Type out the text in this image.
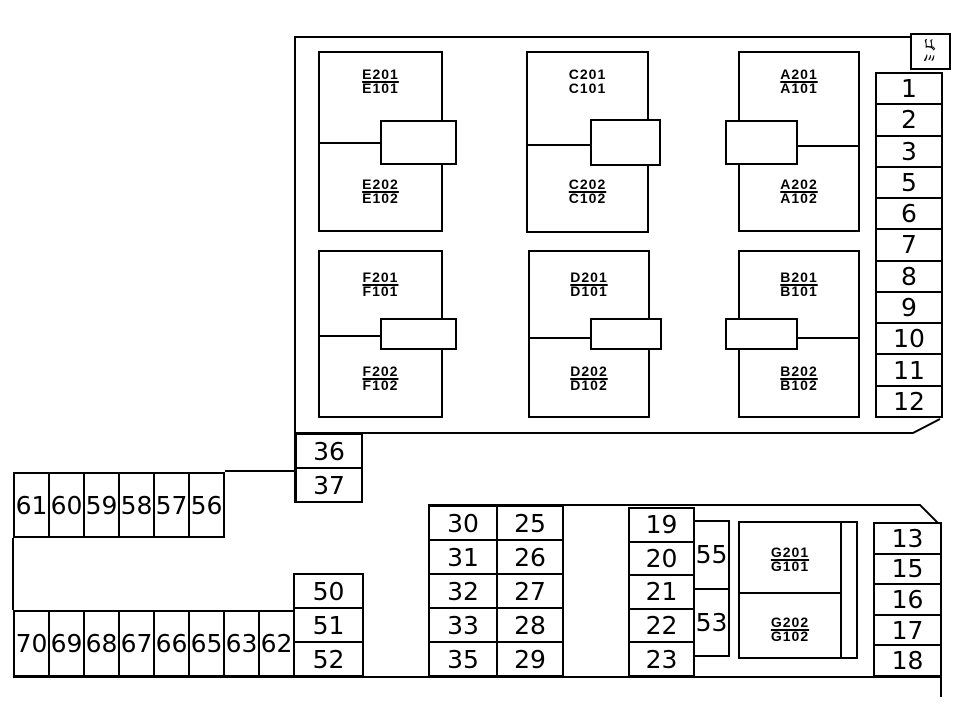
ゴミ
E201
E101
E202
E102
C201
C101
C202
C102
A201
A101
A202
A102
F201
F101
F202
F102
D201
D101
D202
D102
B201
B101
B202
B102
G201
G101
G202
G102
1
2
3
5
6
7
8
9
10
11
12
36
37
61 60 59 58 57 56
70 69 68 67 66 65 63 62
50
51
52
30	25
31	26
32	27
33	28
35	29
19
20
21
22
23
55
53
13
15
16
17
18
